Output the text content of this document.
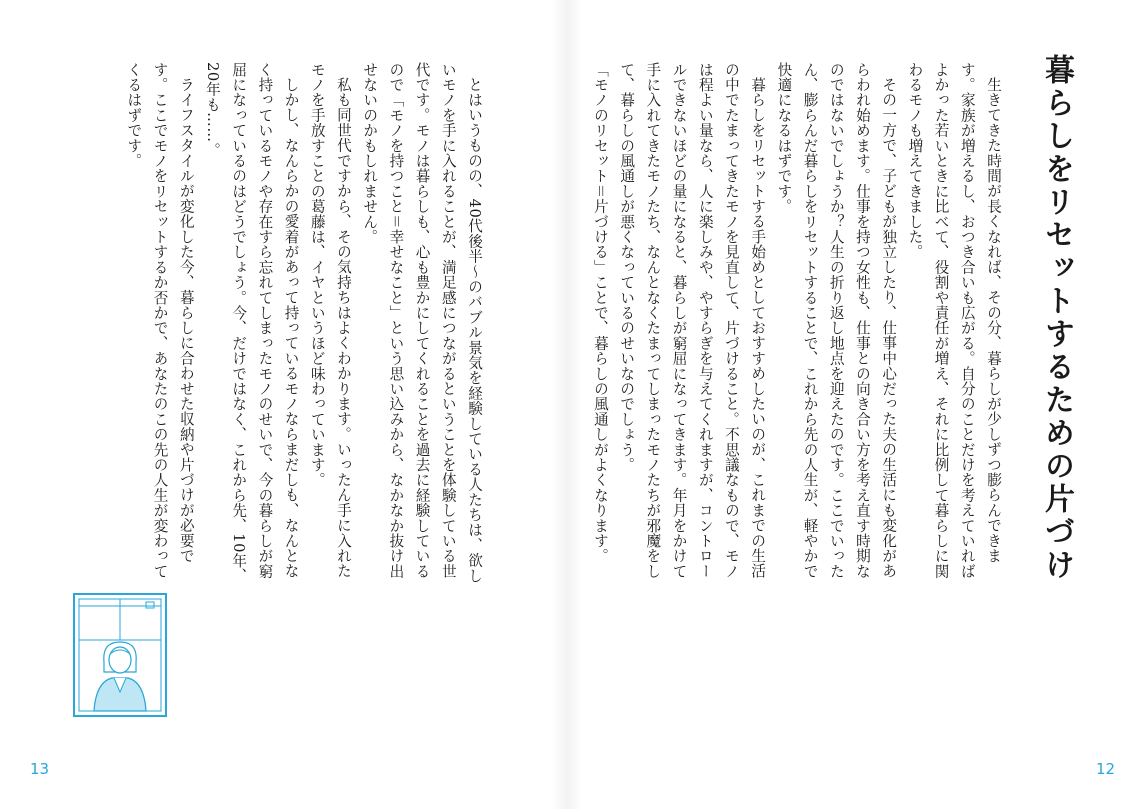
とはいうものの、40代後半〜のバブル景気を経験している人たちは、欲しいモノを手に入れることが、満足感につながるということを体験している世代です。モノは暮らしも、心も豊かにしてくれることを過去に経験しているので「モノを持つこと＝幸せなこと」という思い込みから、なかなか抜け出せないのかもしれません。

私も同世代ですから、その気持ちはよくわかります。いったん手に入れたモノを手放すことの葛藤は、イヤというほど味わっています。

しかし、なんらかの愛着があって持っているモノならまだしも、なんとなく持っているモノや存在すら忘れてしまったモノのせいで、今の暮らしが窮屈になっているのはどうでしょう。今、だけではなく、これから先、10年、20年も……。

ライフスタイルが変化した今、暮らしに合わせた収納や片づけが必要です。ここでモノをリセットするか否かで、あなたのこの先の人生が変わってくるはずです。

13
暮らしをリセットするための片づけ

生きてきた時間が長くなれば、その分、暮らしが少しずつ膨らんできます。家族が増えるし、おつき合いも広がる。自分のことだけを考えていればよかった若いときに比べて、役割や責任が増え、それに比例して暮らしに関わるモノも増えてきました。

その一方で、子どもが独立したり、仕事中心だった夫の生活にも変化があらわれ始めます。仕事を持つ女性も、仕事との向き合い方を考え直す時期なのではないでしょうか？人生の折り返し地点を迎えたのです。ここでいったん、膨らんだ暮らしをリセットすることで、これから先の人生が、軽やかで快適になるはずです。

暮らしをリセットする手始めとしておすすめしたいのが、これまでの生活の中でたまってきたモノを見直して、片づけること。不思議なもので、モノは程よい量なら、人に楽しみや、やすらぎを与えてくれますが、コントロールできないほどの量になると、暮らしが窮屈になってきます。年月をかけて手に入れてきたモノたち、なんとなくたまってしまったモノたちが邪魔をして、暮らしの風通しが悪くなっているのせいなのでしょう。

「モノのリセット＝片づける」ことで、暮らしの風通しがよくなります。

12
